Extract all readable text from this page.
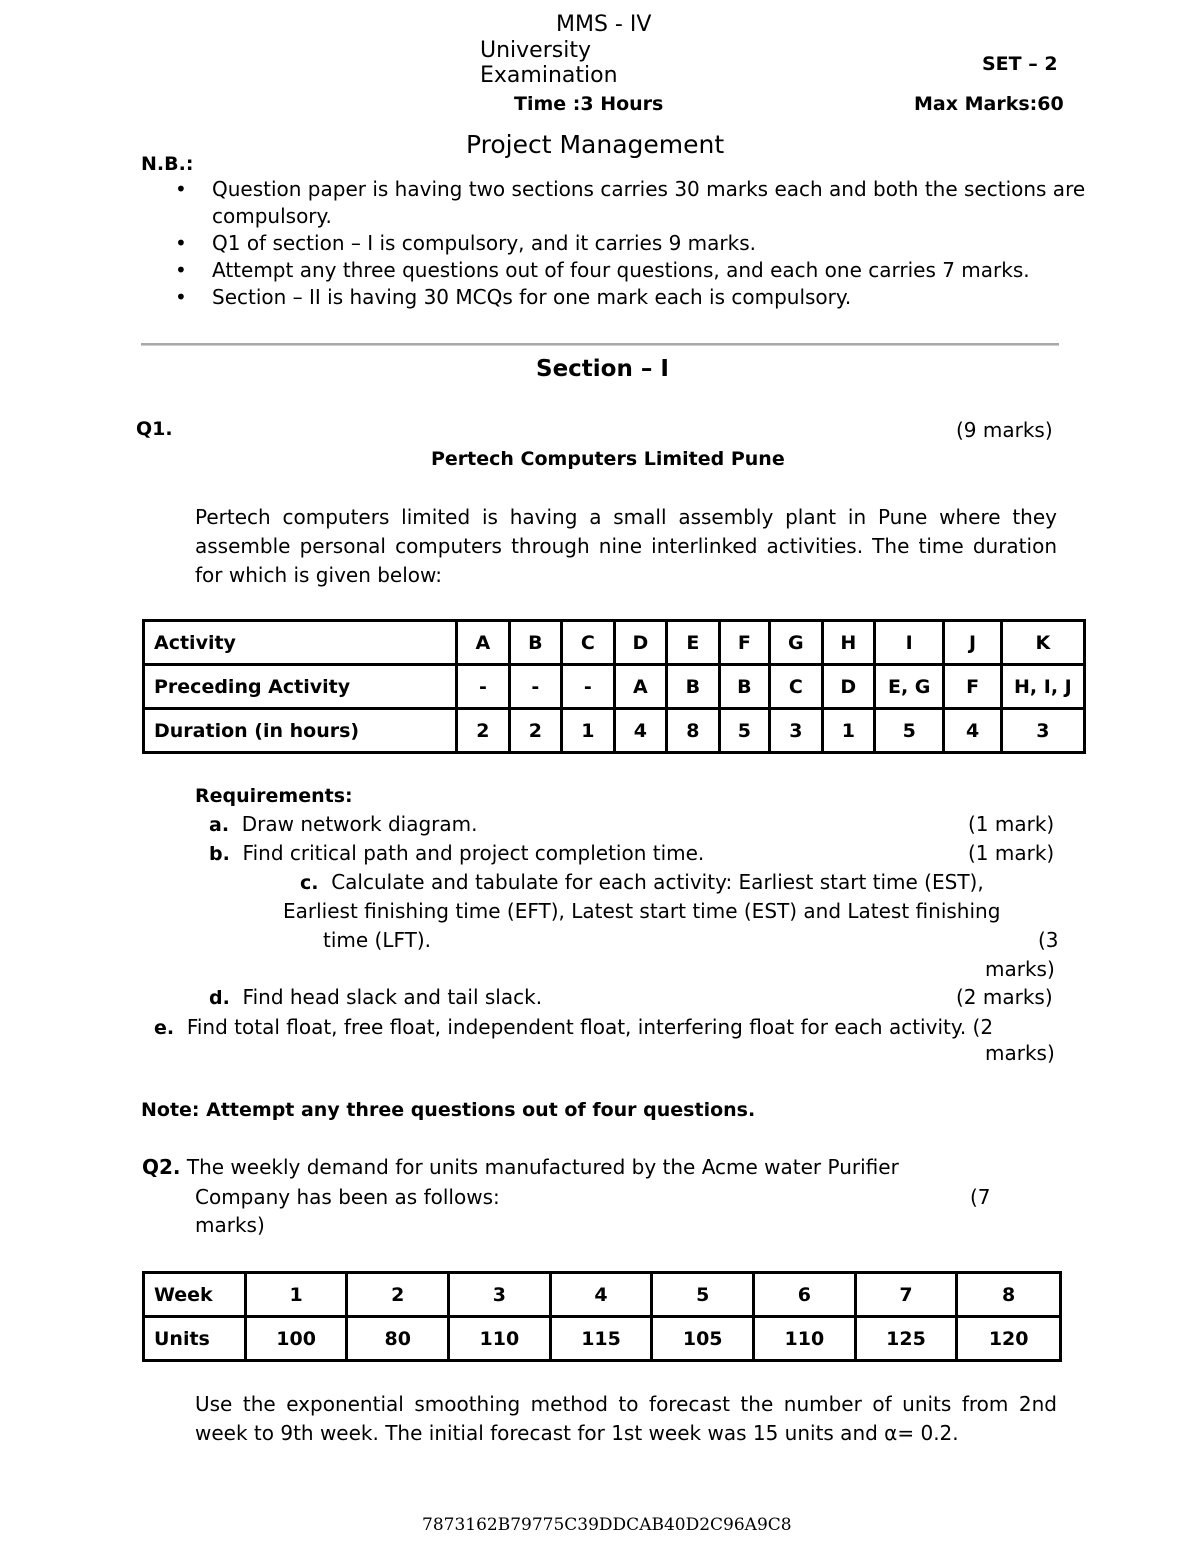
MMS - IV
University
Examination	SET – 2
Time :3 Hours	Max Marks:60
Project Management
N.B.:
• Question paper is having two sections carries 30 marks each and both the sections are compulsory.
• Q1 of section – I is compulsory, and it carries 9 marks.
• Attempt any three questions out of four questions, and each one carries 7 marks.
• Section – II is having 30 MCQs for one mark each is compulsory.
Section – I
Q1.	(9 marks)
Pertech Computers Limited Pune
Pertech computers limited is having a small assembly plant in Pune where they assemble personal computers through nine interlinked activities. The time duration for which is given below:
Activity	A	B	C	D	E	F	G	H	I	J	K
Preceding Activity	-	-	-	A	B	B	C	D	E, G	F	H, I, J
Duration (in hours)	2	2	1	4	8	5	3	1	5	4	3
Requirements:
a. Draw network diagram.	(1 mark)
b. Find critical path and project completion time.	(1 mark)
c. Calculate and tabulate for each activity: Earliest start time (EST),
Earliest finishing time (EFT), Latest start time (EST) and Latest finishing
time (LFT).	(3
marks)
d. Find head slack and tail slack.	(2 marks)
e. Find total float, free float, independent float, interfering float for each activity. (2
marks)
Note: Attempt any three questions out of four questions.
Q2. The weekly demand for units manufactured by the Acme water Purifier
Company has been as follows:	(7
marks)
Week	1	2	3	4	5	6	7	8
Units	100	80	110	115	105	110	125	120
Use the exponential smoothing method to forecast the number of units from 2nd week to 9th week. The initial forecast for 1st week was 15 units and α= 0.2.
7873162B79775C39DDCAB40D2C96A9C8
